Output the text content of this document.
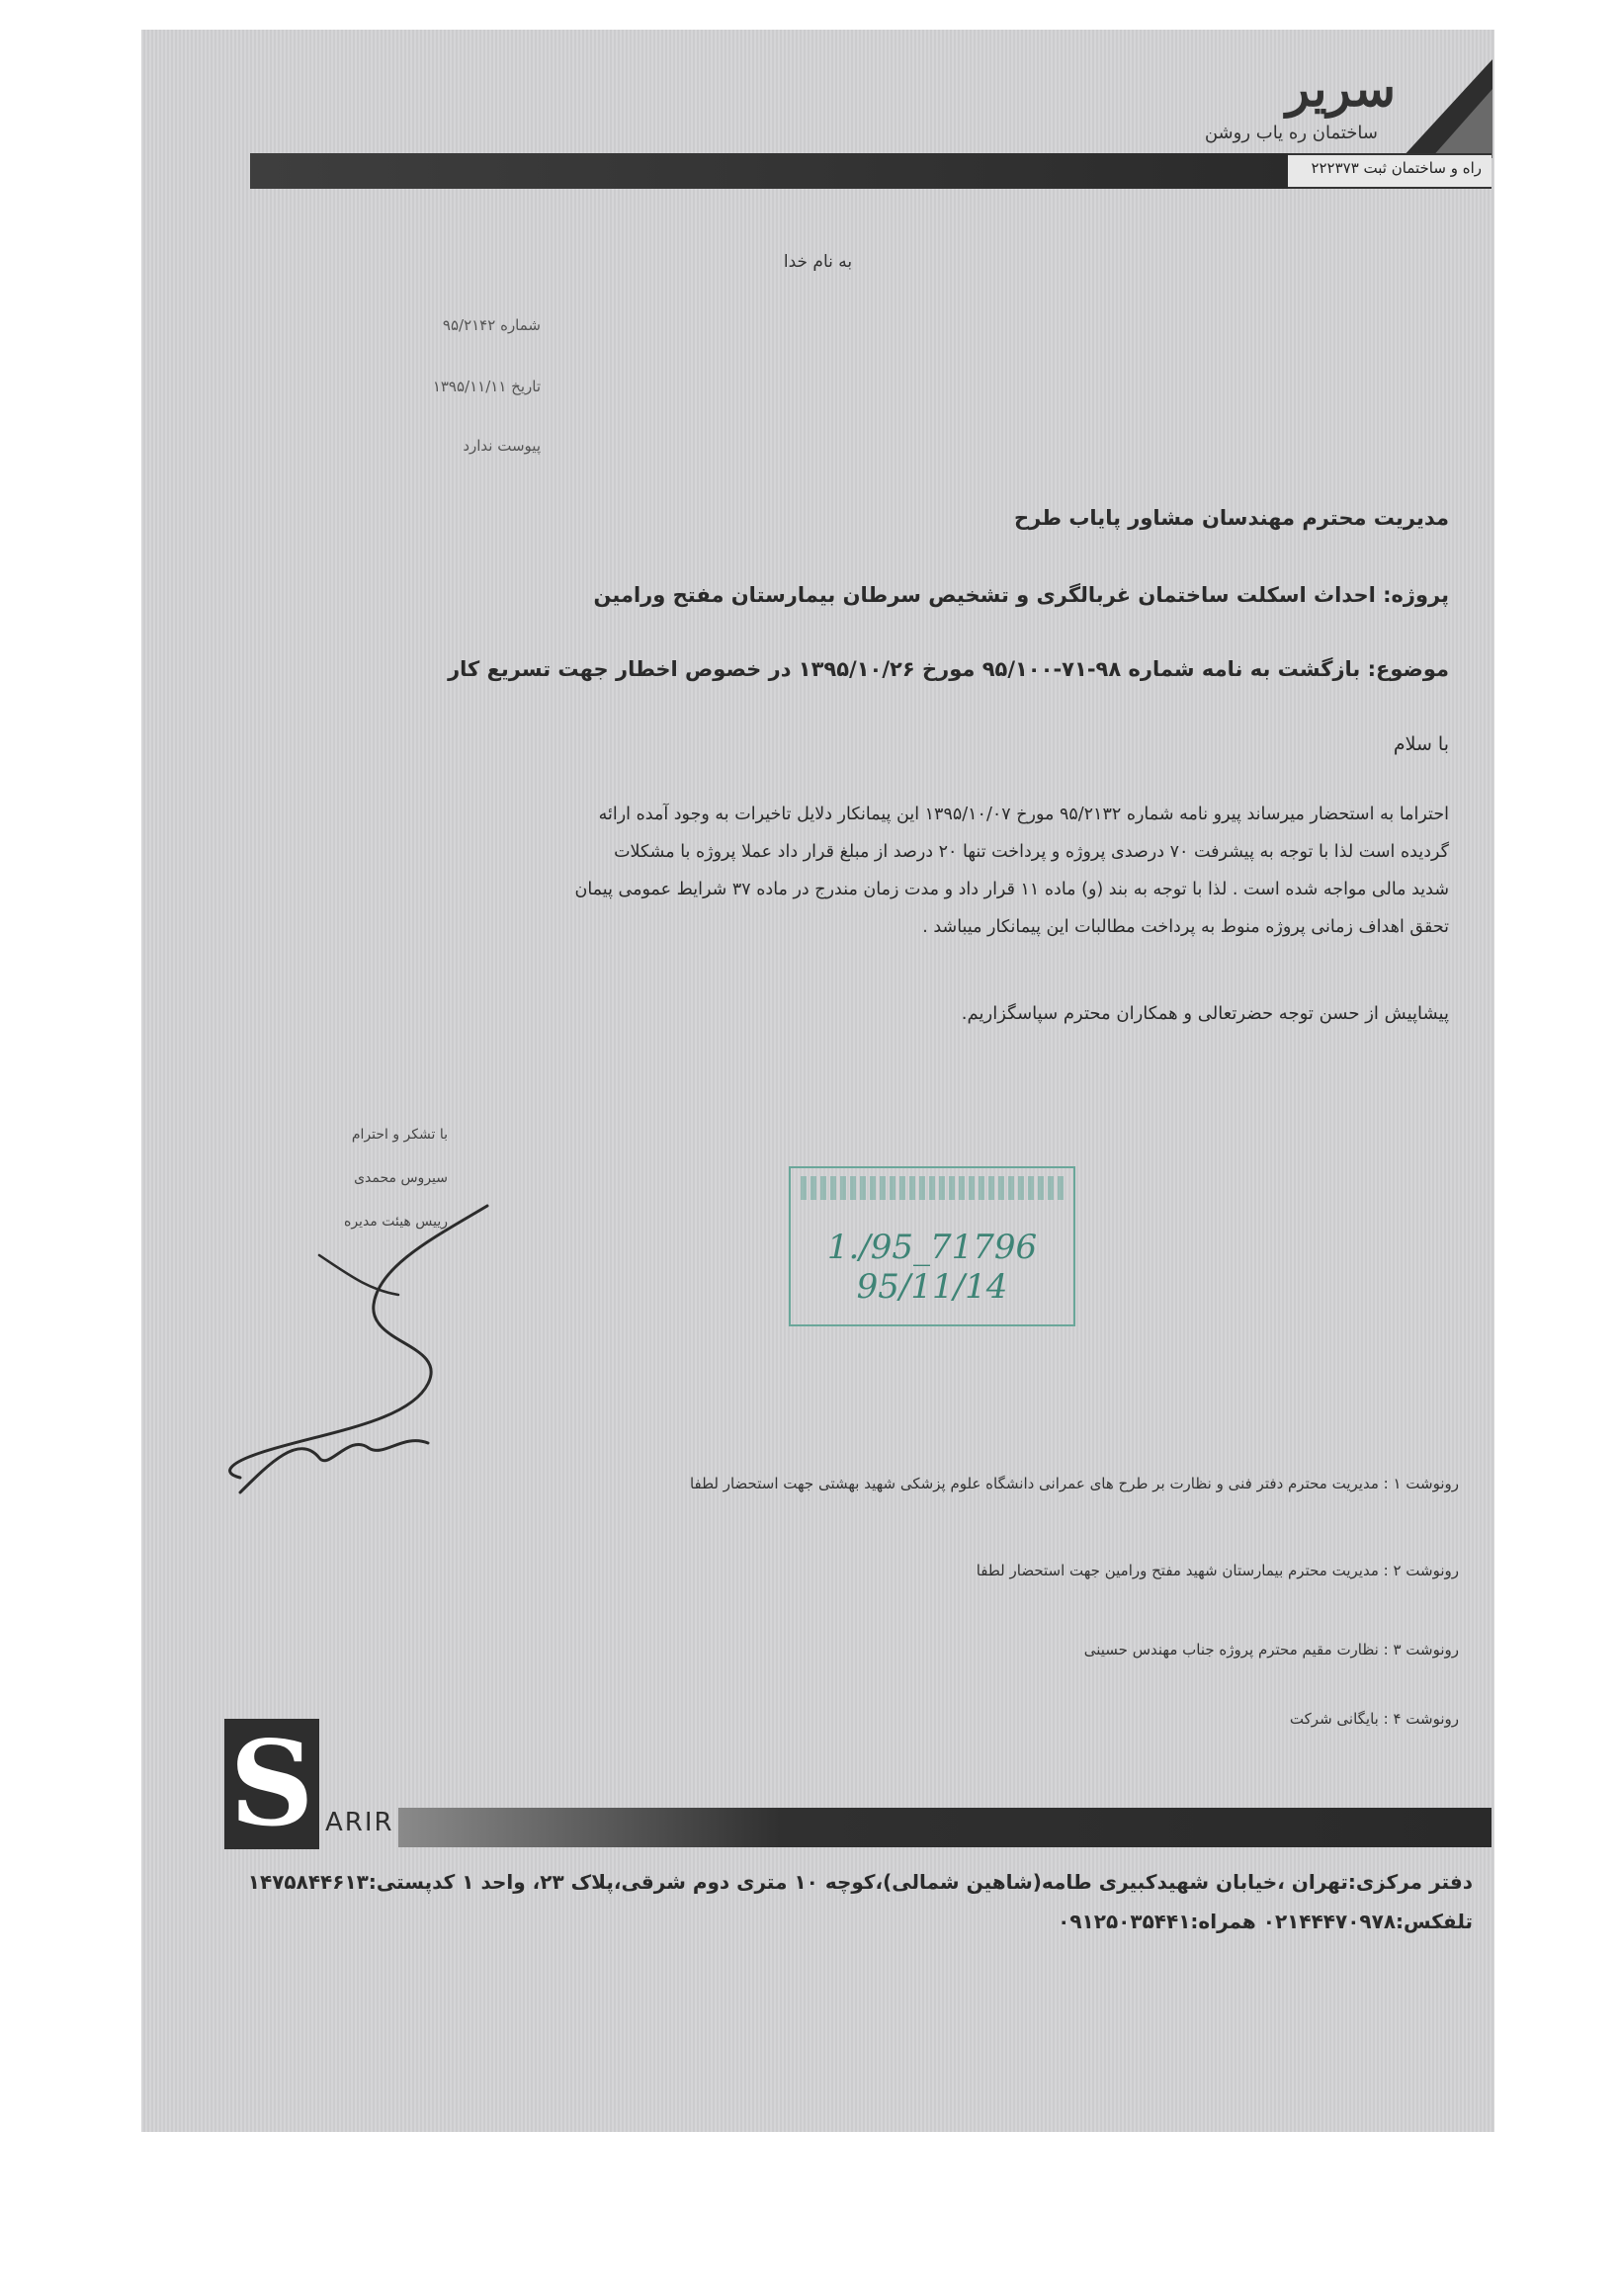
سریر
ساختمان ره یاب روشن
راه و ساختمان ثبت ۲۲۲۳۷۳
به نام خدا
شماره ۹۵/۲۱۴۲
تاریخ ۱۳۹۵/۱۱/۱۱
پیوست ندارد
مدیریت محترم مهندسان مشاور پایاب طرح
پروژه: احداث اسکلت ساختمان غربالگری و تشخیص سرطان بیمارستان مفتح ورامین
موضوع: بازگشت به نامه شماره ۹۸-۷۱-۹۵/۱۰۰ مورخ ۱۳۹۵/۱۰/۲۶ در خصوص اخطار جهت تسریع کار
با سلام

احتراما به استحضار میرساند پیرو نامه شماره ۹۵/۲۱۳۲ مورخ ۱۳۹۵/۱۰/۰۷ این پیمانکار دلایل تاخیرات به وجود آمده ارائه

گردیده است لذا با توجه به پیشرفت ۷۰ درصدی پروژه و پرداخت تنها ۲۰ درصد از مبلغ قرار داد عملا پروژه با مشکلات

شدید مالی مواجه شده است . لذا با توجه به بند (و) ماده ۱۱ قرار داد و مدت زمان مندرج در ماده ۳۷ شرایط عمومی پیمان

تحقق اهداف زمانی پروژه منوط به پرداخت مطالبات این پیمانکار میباشد .

پیشاپیش از حسن توجه حضرتعالی و همکاران محترم سپاسگزاریم.
با تشکر و احترام
سیروس محمدی
رییس هیئت مدیره
1./95_71796
95/11/14
رونوشت ۱ : مدیریت محترم دفتر فنی و نظارت بر طرح های عمرانی دانشگاه علوم پزشکی شهید بهشتی جهت استحضار لطفا
رونوشت ۲ : مدیریت محترم بیمارستان شهید مفتح ورامین جهت استحضار لطفا
رونوشت ۳ : نظارت مقیم محترم پروژه جناب مهندس حسینی
رونوشت ۴ : بایگانی شرکت
S ARIR
دفتر مرکزی:تهران ،خیابان شهیدکبیری طامه(شاهین شمالی)،کوچه ۱۰ متری دوم شرقی،پلاک ۲۳، واحد ۱ کدپستی:۱۴۷۵۸۴۴۶۱۳
تلفکس:۰۲۱۴۴۴۷۰۹۷۸ همراه:۰۹۱۲۵۰۳۵۴۴۱
